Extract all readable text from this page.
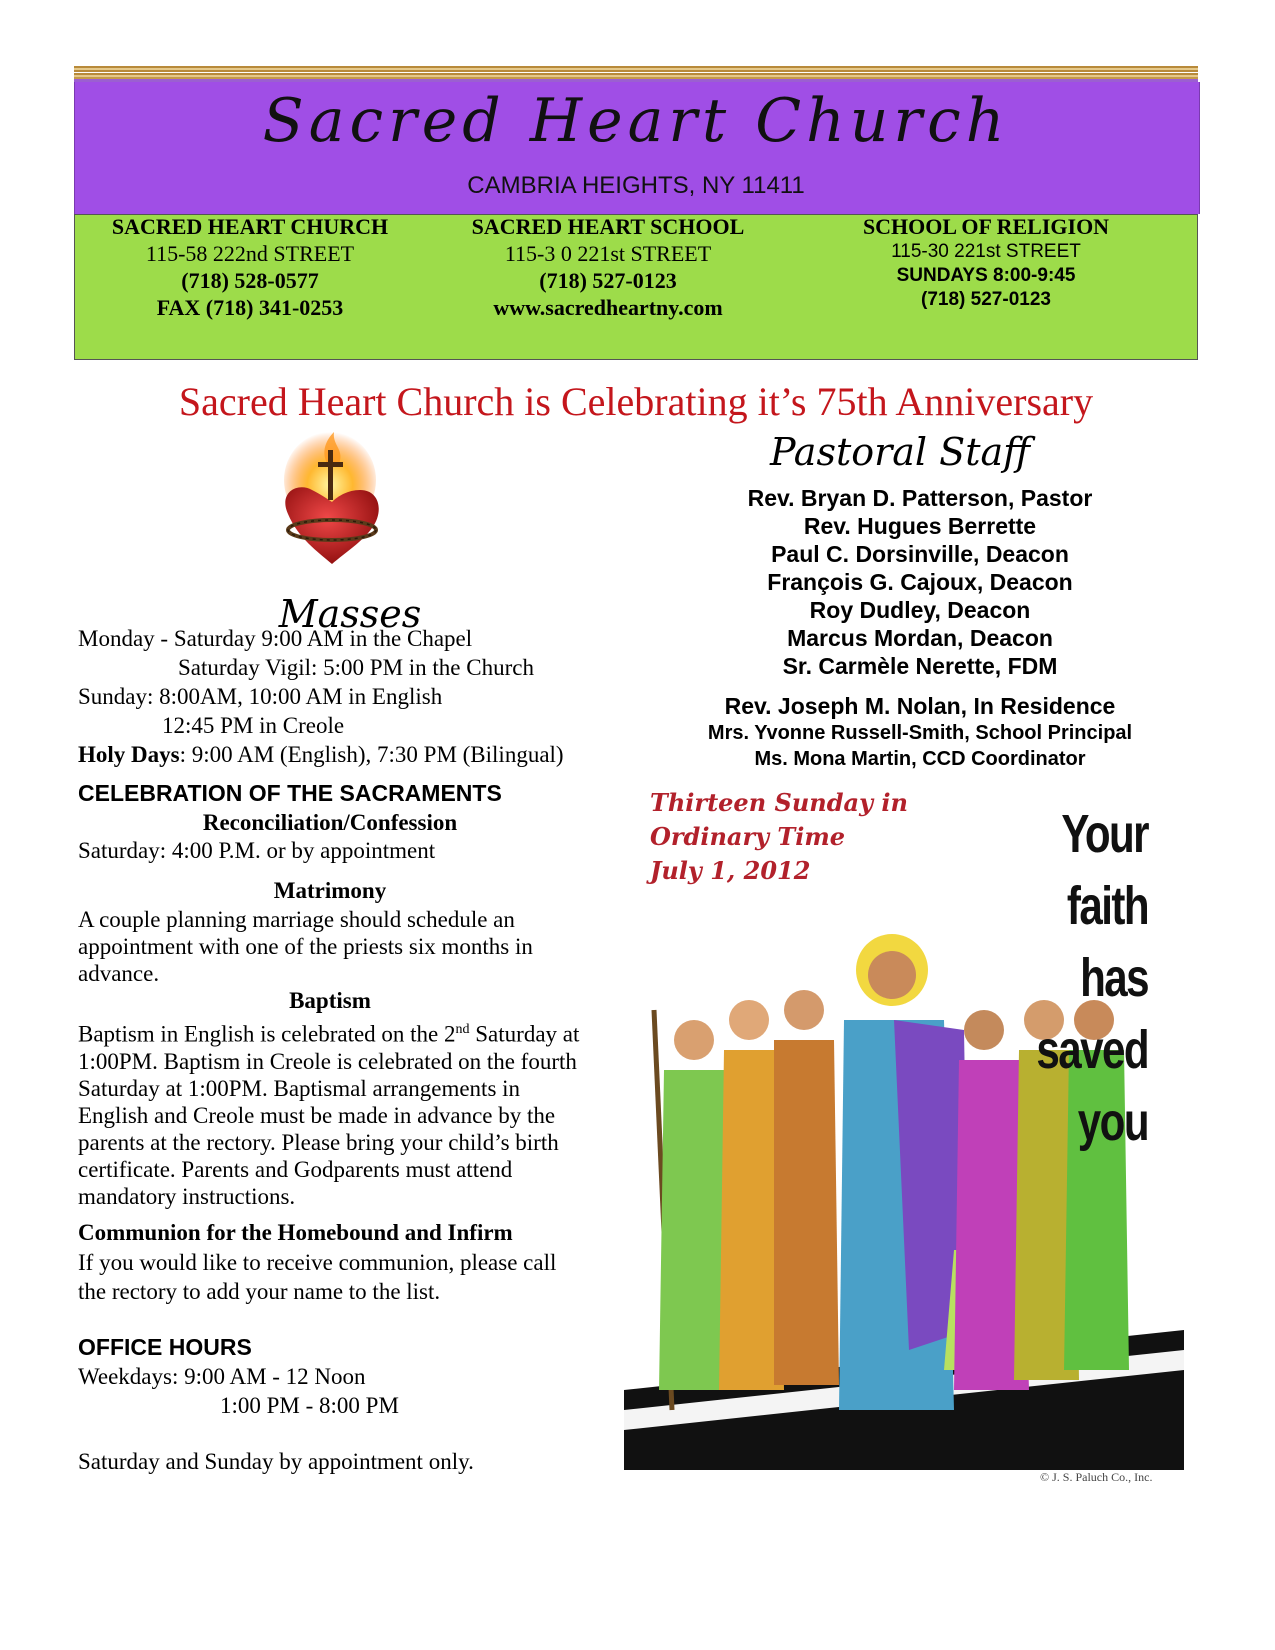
Sacred Heart Church
CAMBRIA HEIGHTS, NY 11411
SACRED HEART CHURCH
115-58 222nd STREET
(718) 528-0577
FAX (718) 341-0253
SACRED HEART SCHOOL
115-3 0 221st STREET
(718) 527-0123
www.sacredheartny.com
SCHOOL OF RELIGION
115-30 221st STREET
SUNDAYS 8:00-9:45
(718) 527-0123
Sacred Heart Church is Celebrating it’s 75th Anniversary
Masses
Monday - Saturday 9:00 AM in the Chapel
Saturday Vigil: 5:00 PM in the Church
Sunday: 8:00AM, 10:00 AM in English
12:45 PM in Creole
Holy Days: 9:00 AM (English), 7:30 PM (Bilingual)
CELEBRATION OF THE SACRAMENTS
Reconciliation/Confession
Saturday: 4:00 P.M. or by appointment
Matrimony
A couple planning marriage should schedule an appointment with one of the priests six months in advance.
Baptism
Baptism in English is celebrated on the 2nd Saturday at 1:00PM. Baptism in Creole is celebrated on the fourth Saturday at 1:00PM. Baptismal arrangements in English and Creole must be made in advance by the parents at the rectory. Please bring your child’s birth certificate. Parents and Godparents must attend mandatory instructions.
Communion for the Homebound and Infirm
If you would like to receive communion, please call the rectory to add your name to the list.
OFFICE HOURS
Weekdays: 9:00 AM - 12 Noon
1:00 PM - 8:00 PM
Saturday and Sunday by appointment only.
Pastoral Staff
Rev. Bryan D. Patterson, Pastor
Rev. Hugues Berrette
Paul C. Dorsinville, Deacon
François G. Cajoux, Deacon
Roy Dudley, Deacon
Marcus Mordan, Deacon
Sr. Carmèle Nerette, FDM
Rev. Joseph M. Nolan, In Residence
Mrs. Yvonne Russell-Smith, School Principal
Ms. Mona Martin, CCD Coordinator
Thirteen Sunday in
Ordinary Time
July 1, 2012
Your faith
has saved
you
© J. S. Paluch Co., Inc.
